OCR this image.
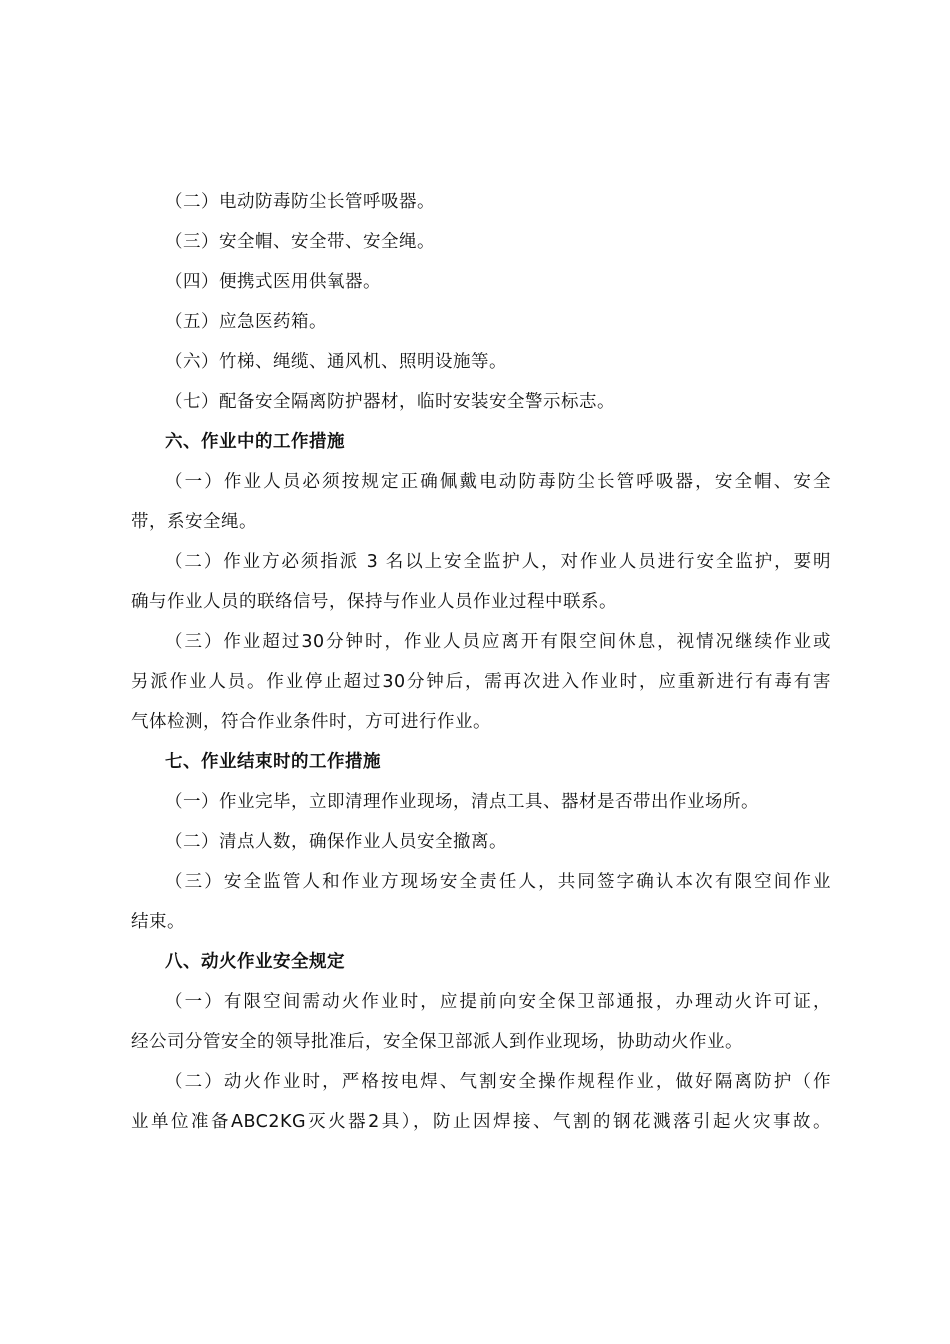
（二）电动防毒防尘长管呼吸器。
（三）安全帽、安全带、安全绳。
（四）便携式医用供氧器。
（五）应急医药箱。
（六）竹梯、绳缆、通风机、照明设施等。
（七）配备安全隔离防护器材，临时安装安全警示标志。
六、作业中的工作措施
（一）作业人员必须按规定正确佩戴电动防毒防尘长管呼吸器，安全帽、安全
带，系安全绳。
（二）作业方必须指派 3 名以上安全监护人，对作业人员进行安全监护，要明
确与作业人员的联络信号，保持与作业人员作业过程中联系。
（三）作业超过30分钟时，作业人员应离开有限空间休息，视情况继续作业或
另派作业人员。作业停止超过30分钟后，需再次进入作业时，应重新进行有毒有害
气体检测，符合作业条件时，方可进行作业。
七、作业结束时的工作措施
（一）作业完毕，立即清理作业现场，清点工具、器材是否带出作业场所。
（二）清点人数，确保作业人员安全撤离。
（三）安全监管人和作业方现场安全责任人，共同签字确认本次有限空间作业
结束。
八、动火作业安全规定
（一）有限空间需动火作业时，应提前向安全保卫部通报，办理动火许可证，
经公司分管安全的领导批准后，安全保卫部派人到作业现场，协助动火作业。
（二）动火作业时，严格按电焊、气割安全操作规程作业，做好隔离防护（作
业单位准备ABC2KG灭火器2具），防止因焊接、气割的钢花溅落引起火灾事故。
